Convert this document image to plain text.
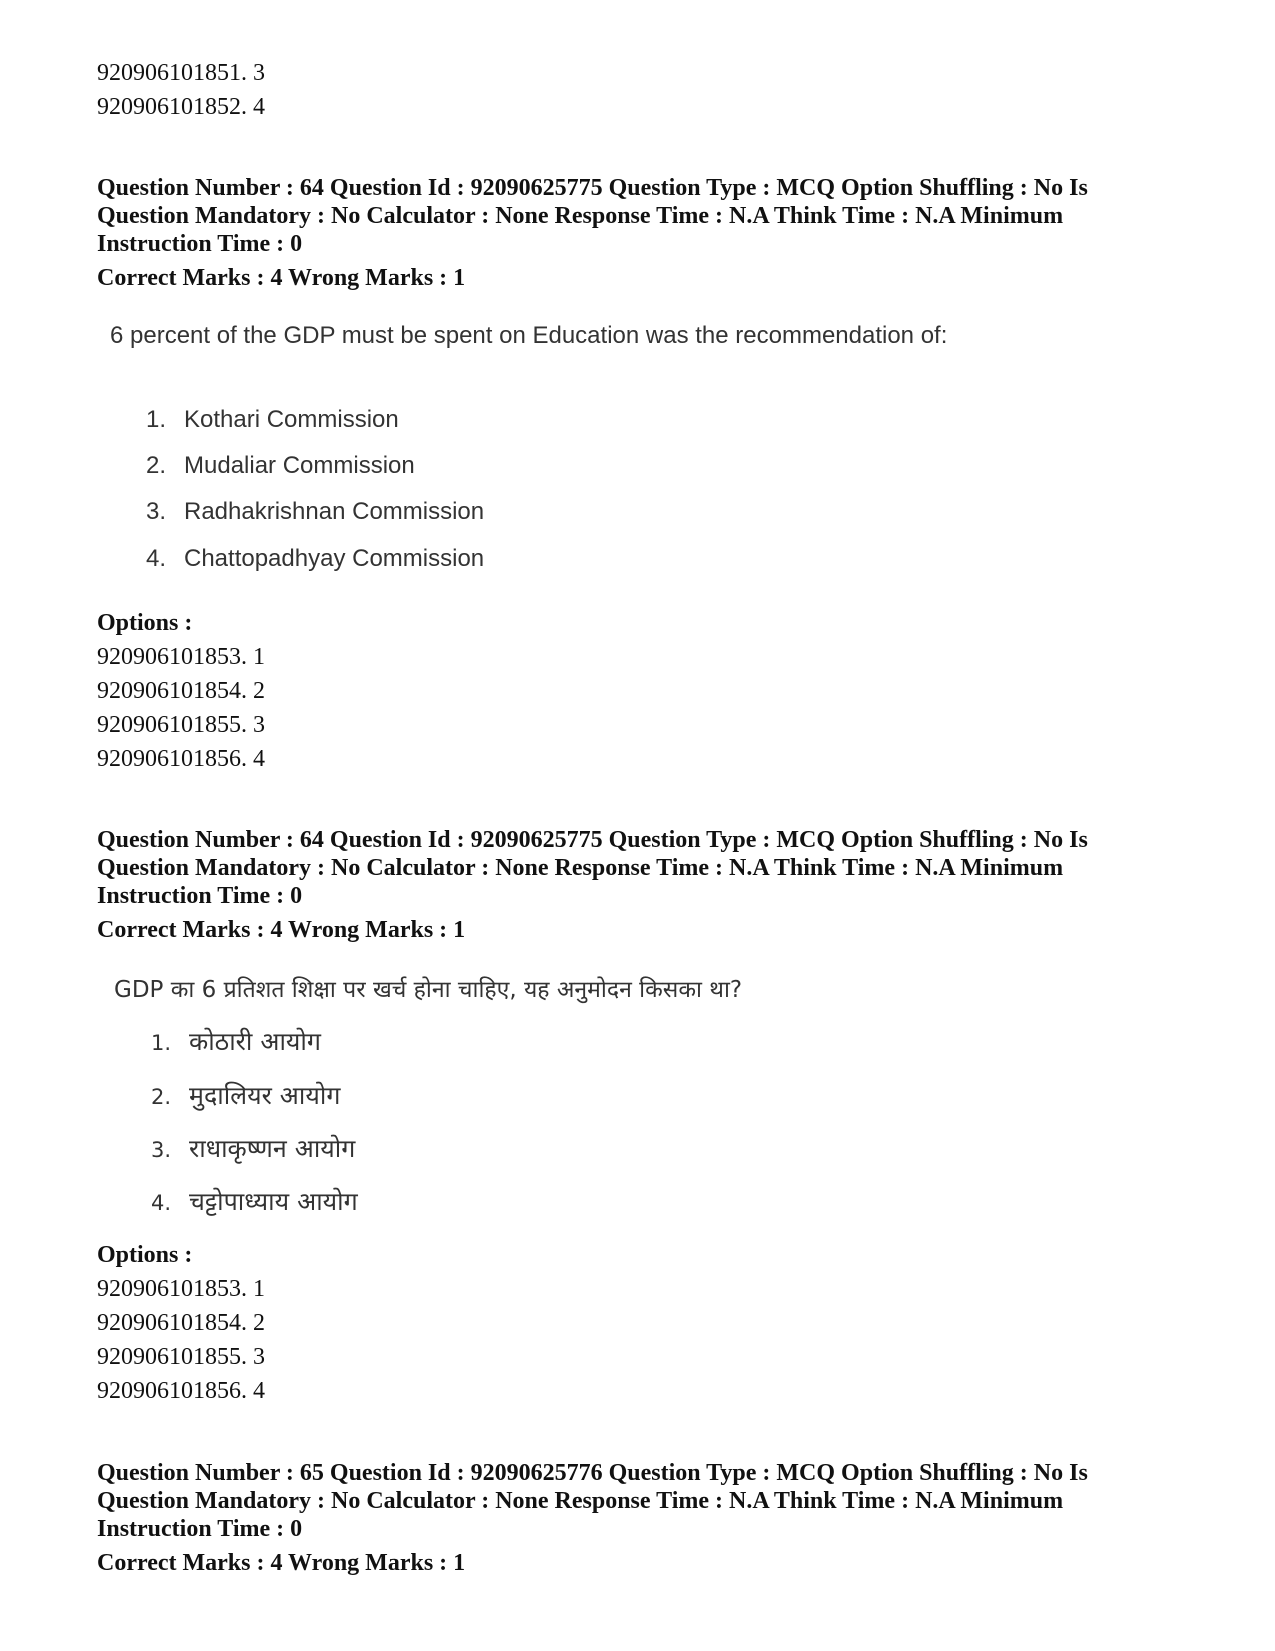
920906101851. 3
920906101852. 4
Question Number : 64 Question Id : 92090625775 Question Type : MCQ Option Shuffling : No Is Question Mandatory : No Calculator : None Response Time : N.A Think Time : N.A Minimum Instruction Time : 0
Correct Marks : 4 Wrong Marks : 1
6 percent of the GDP must be spent on Education was the recommendation of:
1. Kothari Commission
2. Mudaliar Commission
3. Radhakrishnan Commission
4. Chattopadhyay Commission
Options :
920906101853. 1
920906101854. 2
920906101855. 3
920906101856. 4
Question Number : 64 Question Id : 92090625775 Question Type : MCQ Option Shuffling : No Is Question Mandatory : No Calculator : None Response Time : N.A Think Time : N.A Minimum Instruction Time : 0
Correct Marks : 4 Wrong Marks : 1
GDP का 6 प्रतिशत शिक्षा पर खर्च होना चाहिए, यह अनुमोदन किसका था?
1. कोठारी आयोग
2. मुदालियर आयोग
3. राधाकृष्णन आयोग
4. चट्टोपाध्याय आयोग
Options :
920906101853. 1
920906101854. 2
920906101855. 3
920906101856. 4
Question Number : 65 Question Id : 92090625776 Question Type : MCQ Option Shuffling : No Is Question Mandatory : No Calculator : None Response Time : N.A Think Time : N.A Minimum Instruction Time : 0
Correct Marks : 4 Wrong Marks : 1
